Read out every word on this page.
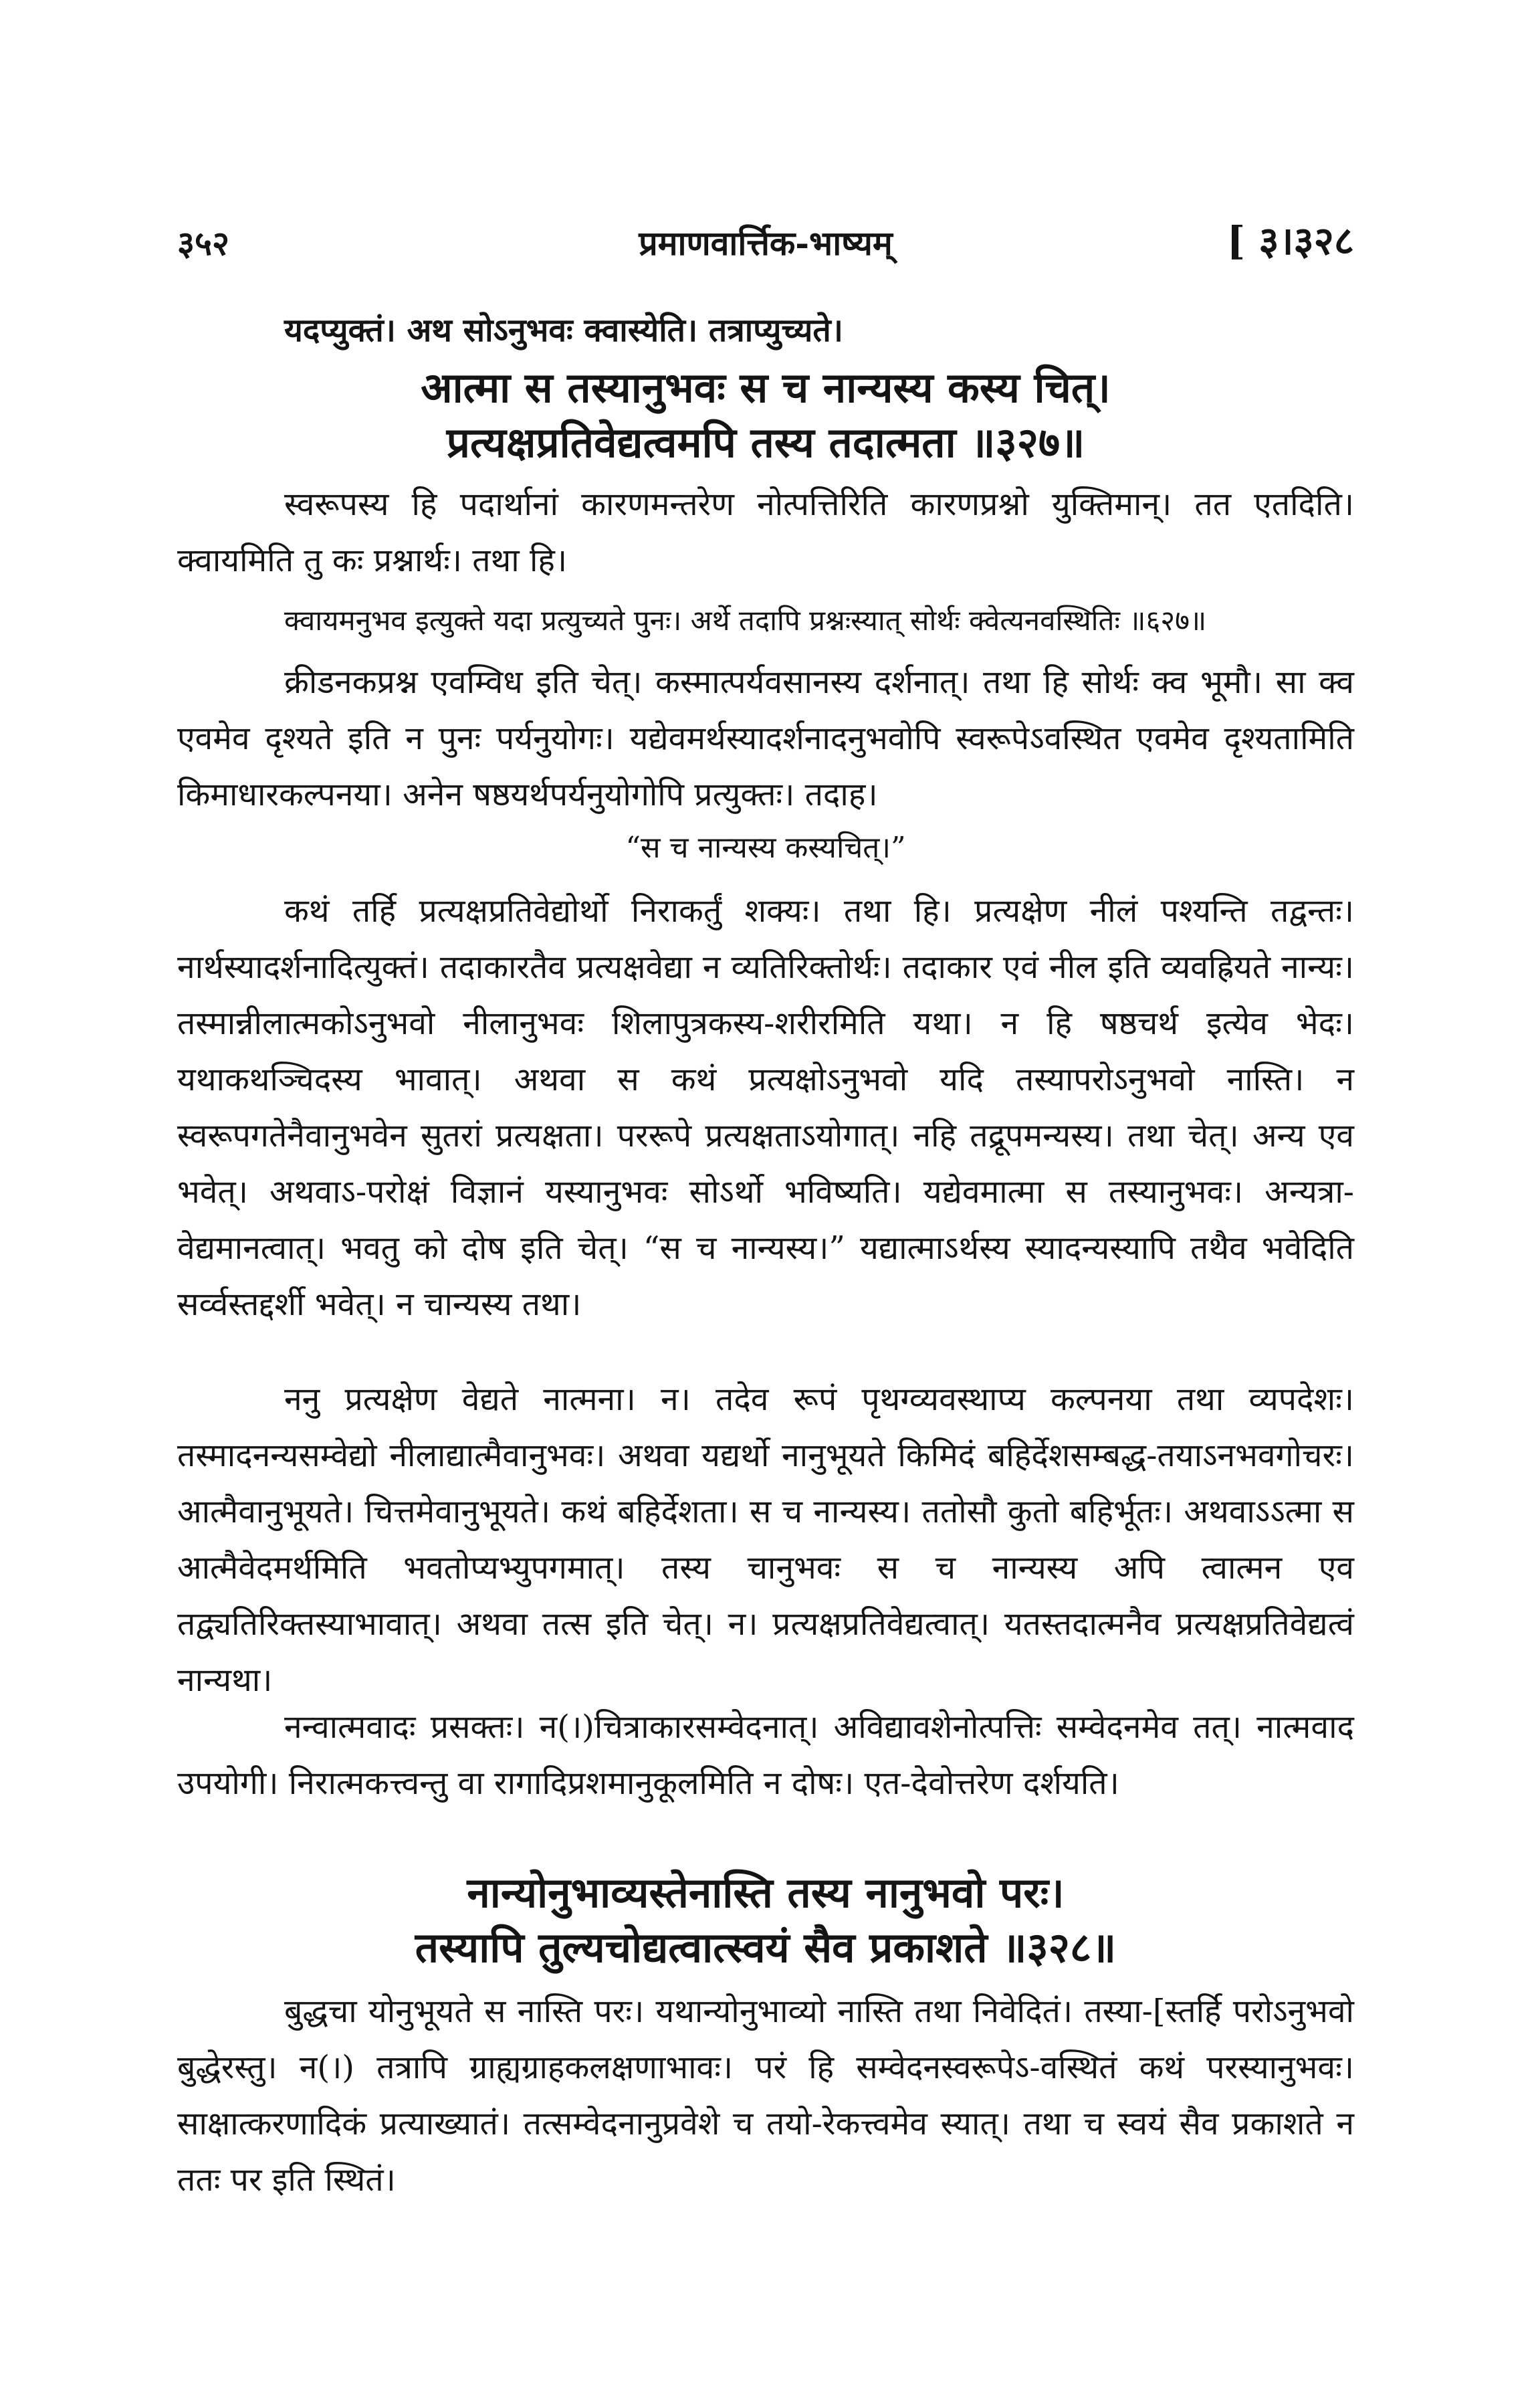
३५२	प्रमाणवार्त्तिक-भाष्यम्	[ ३।३२८
यदप्युक्तं। अथ सोऽनुभवः क्वास्येति। तत्राप्युच्यते।
आत्मा स तस्यानुभवः स च नान्यस्य कस्य चित्।
प्रत्यक्षप्रतिवेद्यत्वमपि तस्य तदात्मता ॥३२७॥
स्वरूपस्य हि पदार्थानां कारणमन्तरेण नोत्पत्तिरिति कारणप्रश्नो युक्तिमान्। तत एतदिति। क्वायमिति तु कः प्रश्नार्थः। तथा हि।
क्वायमनुभव इत्युक्ते यदा प्रत्युच्यते पुनः। अर्थे तदापि प्रश्नःस्यात् सोर्थः क्वेत्यनवस्थितिः ॥६२७॥
क्रीडनकप्रश्न एवम्विध इति चेत्। कस्मात्पर्यवसानस्य दर्शनात्। तथा हि सोर्थः क्व भूमौ। सा क्व एवमेव दृश्यते इति न पुनः पर्यनुयोगः। यद्येवमर्थस्यादर्शनादनुभवोपि स्वरूपेऽवस्थित एवमेव दृश्यतामिति किमाधारकल्पनया। अनेन षष्ठयर्थपर्यनुयोगोपि प्रत्युक्तः। तदाह।
“स च नान्यस्य कस्यचित्।”
कथं तर्हि प्रत्यक्षप्रतिवेद्योर्थो निराकर्तुं शक्यः। तथा हि। प्रत्यक्षेण नीलं पश्यन्ति तद्वन्तः। नार्थस्यादर्शनादित्युक्तं। तदाकारतैव प्रत्यक्षवेद्या न व्यतिरिक्तोर्थः। तदाकार एवं नील इति व्यवह्रियते नान्यः। तस्मान्नीलात्मकोऽनुभवो नीलानुभवः शिलापुत्रकस्य-शरीरमिति यथा। न हि षष्ठचर्थ इत्येव भेदः। यथाकथञ्चिदस्य भावात्। अथवा स कथं प्रत्यक्षोऽनुभवो यदि तस्यापरोऽनुभवो नास्ति। न स्वरूपगतेनैवानुभवेन सुतरां प्रत्यक्षता। पररूपे प्रत्यक्षताऽयोगात्। नहि तद्रूपमन्यस्य। तथा चेत्। अन्य एव भवेत्। अथवाऽ-परोक्षं विज्ञानं यस्यानुभवः सोऽर्थो भविष्यति। यद्येवमात्मा स तस्यानुभवः। अन्यत्रा-वेद्यमानत्वात्। भवतु को दोष इति चेत्। “स च नान्यस्य।” यद्यात्माऽर्थस्य स्यादन्यस्यापि तथैव भवेदिति सर्व्वस्तद्दर्शी भवेत्। न चान्यस्य तथा।
ननु प्रत्यक्षेण वेद्यते नात्मना। न। तदेव रूपं पृथग्व्यवस्थाप्य कल्पनया तथा व्यपदेशः। तस्मादनन्यसम्वेद्यो नीलाद्यात्मैवानुभवः। अथवा यद्यर्थो नानुभूयते किमिदं बहिर्देशसम्बद्ध-तयाऽनभवगोचरः। आत्मैवानुभूयते। चित्तमेवानुभूयते। कथं बहिर्देशता। स च नान्यस्य। ततोसौ कुतो बहिर्भूतः। अथवाऽऽत्मा स आत्मैवेदमर्थमिति भवतोप्यभ्युपगमात्। तस्य चानुभवः स च नान्यस्य अपि त्वात्मन एव तद्व्यतिरिक्तस्याभावात्। अथवा तत्स इति चेत्। न। प्रत्यक्षप्रतिवेद्यत्वात्। यतस्तदात्मनैव प्रत्यक्षप्रतिवेद्यत्वं नान्यथा।
नन्वात्मवादः प्रसक्तः। न(।)चित्राकारसम्वेदनात्। अविद्यावशेनोत्पत्तिः सम्वेदनमेव तत्। नात्मवाद उपयोगी। निरात्मकत्त्वन्तु वा रागादिप्रशमानुकूलमिति न दोषः। एत-देवोत्तरेण दर्शयति।
नान्योनुभाव्यस्तेनास्ति तस्य नानुभवो परः।
तस्यापि तुल्यचोद्यत्वात्स्वयं सैव प्रकाशते ॥३२८॥
बुद्धचा योनुभूयते स नास्ति परः। यथान्योनुभाव्यो नास्ति तथा निवेदितं। तस्या-[स्तर्हि परोऽनुभवो बुद्धेरस्तु। न(।) तत्रापि ग्राह्यग्राहकलक्षणाभावः। परं हि सम्वेदनस्वरूपेऽ-वस्थितं कथं परस्यानुभवः। साक्षात्करणादिकं प्रत्याख्यातं। तत्सम्वेदनानुप्रवेशे च तयो-रेकत्त्वमेव स्यात्। तथा च स्वयं सैव प्रकाशते न ततः पर इति स्थितं।
